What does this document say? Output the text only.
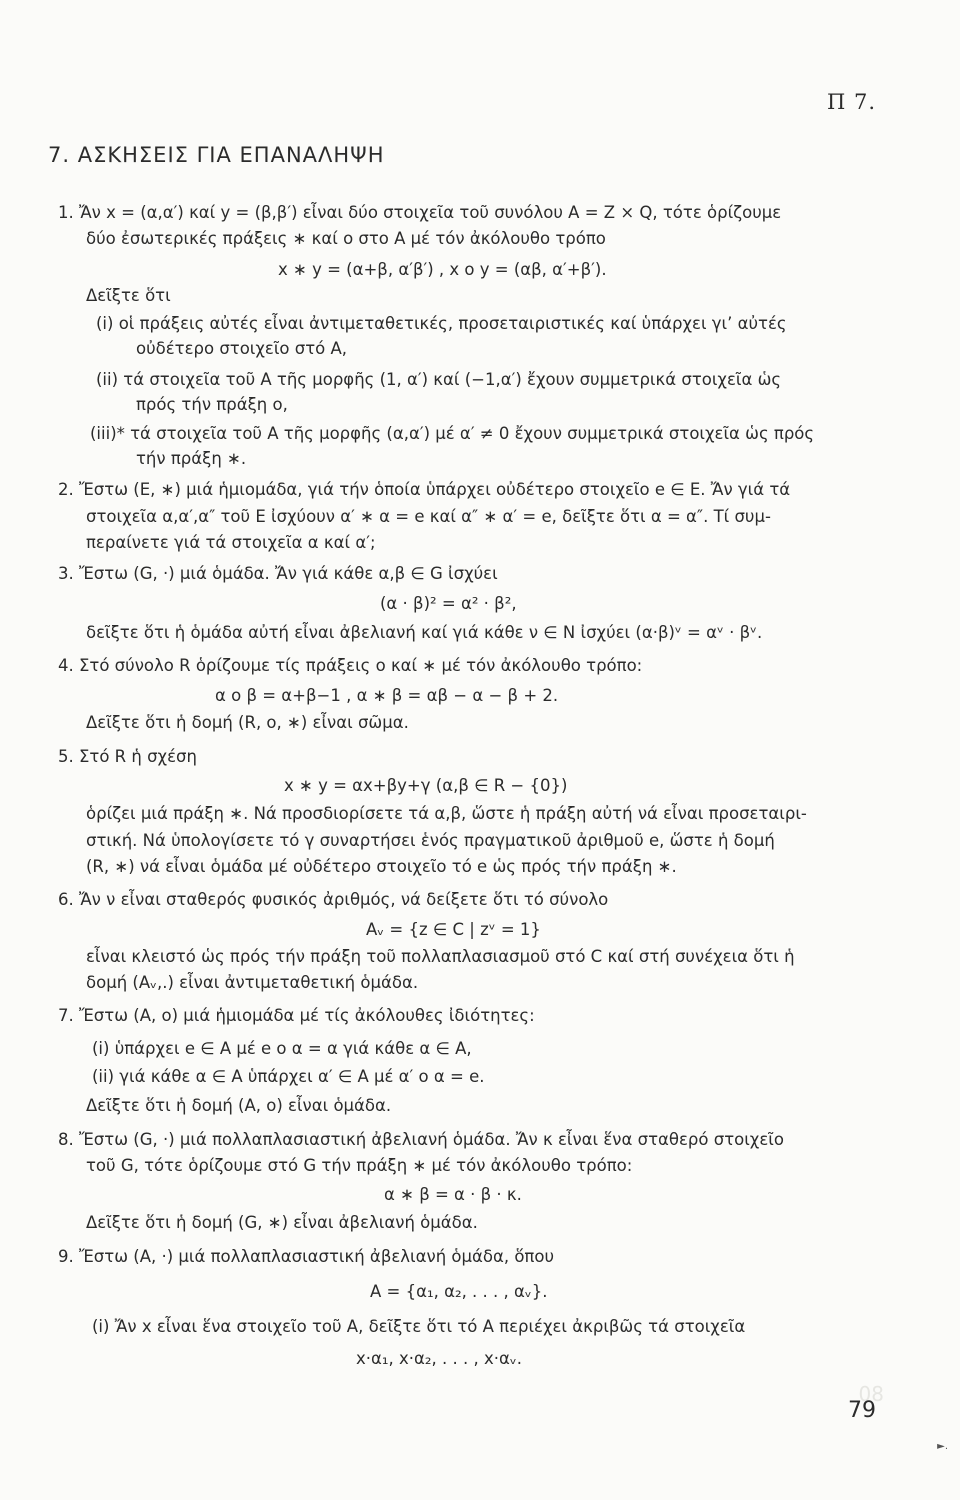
Π 7.
7. ΑΣΚΗΣΕΙΣ ΓΙΑ ΕΠΑΝΑΛΗΨΗ
1. Ἄν x = (α,α′) καί y = (β,β′) εἶναι δύο στοιχεῖα τοῦ συνόλου A = Z × Q, τότε ὁρίζουμε
δύο ἐσωτερικές πράξεις ∗ καί ο στο A μέ τόν ἀκόλουθο τρόπο
x ∗ y = (α+β, α′β′) , x ο y = (αβ, α′+β′).
Δεῖξτε ὅτι
(i) οἱ πράξεις αὐτές εἶναι ἀντιμεταθετικές, προσεταιριστικές καί ὑπάρχει γι’ αὐτές
οὐδέτερο στοιχεῖο στό A,
(ii) τά στοιχεῖα τοῦ A τῆς μορφῆς (1, α′) καί (−1,α′) ἔχουν συμμετρικά στοιχεῖα ὡς
πρός τήν πράξη ο,
(iii)* τά στοιχεῖα τοῦ A τῆς μορφῆς (α,α′) μέ α′ ≠ 0 ἔχουν συμμετρικά στοιχεῖα ὡς πρός
τήν πράξη ∗.
2. Ἔστω (E, ∗) μιά ἡμιομάδα, γιά τήν ὁποία ὑπάρχει οὐδέτερο στοιχεῖο e ∈ E. Ἄν γιά τά
στοιχεῖα α,α′,α″ τοῦ E ἰσχύουν α′ ∗ α = e καί α″ ∗ α′ = e, δεῖξτε ὅτι α = α″. Τί συμ-
περαίνετε γιά τά στοιχεῖα α καί α′;
3. Ἔστω (G, ·) μιά ὁμάδα. Ἄν γιά κάθε α,β ∈ G ἰσχύει
(α · β)² = α² · β²,
δεῖξτε ὅτι ἡ ὁμάδα αὐτή εἶναι ἀβελιανή καί γιά κάθε ν ∈ N ἰσχύει (α·β)ᵛ = αᵛ · βᵛ.
4. Στό σύνολο R ὁρίζουμε τίς πράξεις ο καί ∗ μέ τόν ἀκόλουθο τρόπο:
α ο β = α+β−1 , α ∗ β = αβ − α − β + 2.
Δεῖξτε ὅτι ἡ δομή (R, ο, ∗) εἶναι σῶμα.
5. Στό R ἡ σχέση
x ∗ y = αx+βy+γ (α,β ∈ R − {0})
ὁρίζει μιά πράξη ∗. Νά προσδιορίσετε τά α,β, ὥστε ἡ πράξη αὐτή νά εἶναι προσεταιρι-
στική. Νά ὑπολογίσετε τό γ συναρτήσει ἑνός πραγματικοῦ ἀριθμοῦ e, ὥστε ἡ δομή
(R, ∗) νά εἶναι ὁμάδα μέ οὐδέτερο στοιχεῖο τό e ὡς πρός τήν πράξη ∗.
6. Ἄν ν εἶναι σταθερός φυσικός ἀριθμός, νά δείξετε ὅτι τό σύνολο
Aᵥ = {z ∈ C | zᵛ = 1}
εἶναι κλειστό ὡς πρός τήν πράξη τοῦ πολλαπλασιασμοῦ στό C καί στή συνέχεια ὅτι ἡ
δομή (Aᵥ,.) εἶναι ἀντιμεταθετική ὁμάδα.
7. Ἔστω (A, ο) μιά ἡμιομάδα μέ τίς ἀκόλουθες ἰδιότητες:
(i) ὑπάρχει e ∈ A μέ e ο α = α γιά κάθε α ∈ A,
(ii) γιά κάθε α ∈ A ὑπάρχει α′ ∈ A μέ α′ ο α = e.
Δεῖξτε ὅτι ἡ δομή (A, ο) εἶναι ὁμάδα.
8. Ἔστω (G, ·) μιά πολλαπλασιαστική ἀβελιανή ὁμάδα. Ἄν κ εἶναι ἕνα σταθερό στοιχεῖο
τοῦ G, τότε ὁρίζουμε στό G τήν πράξη ∗ μέ τόν ἀκόλουθο τρόπο:
α ∗ β = α · β · κ.
Δεῖξτε ὅτι ἡ δομή (G, ∗) εἶναι ἀβελιανή ὁμάδα.
9. Ἔστω (A, ·) μιά πολλαπλασιαστική ἀβελιανή ὁμάδα, ὅπου
A = {α₁, α₂, . . . , αᵥ}.
(i) Ἄν x εἶναι ἕνα στοιχεῖο τοῦ A, δεῖξτε ὅτι τό A περιέχει ἀκριβῶς τά στοιχεῖα
x·α₁, x·α₂, . . . , x·αᵥ.
08
79
►.
